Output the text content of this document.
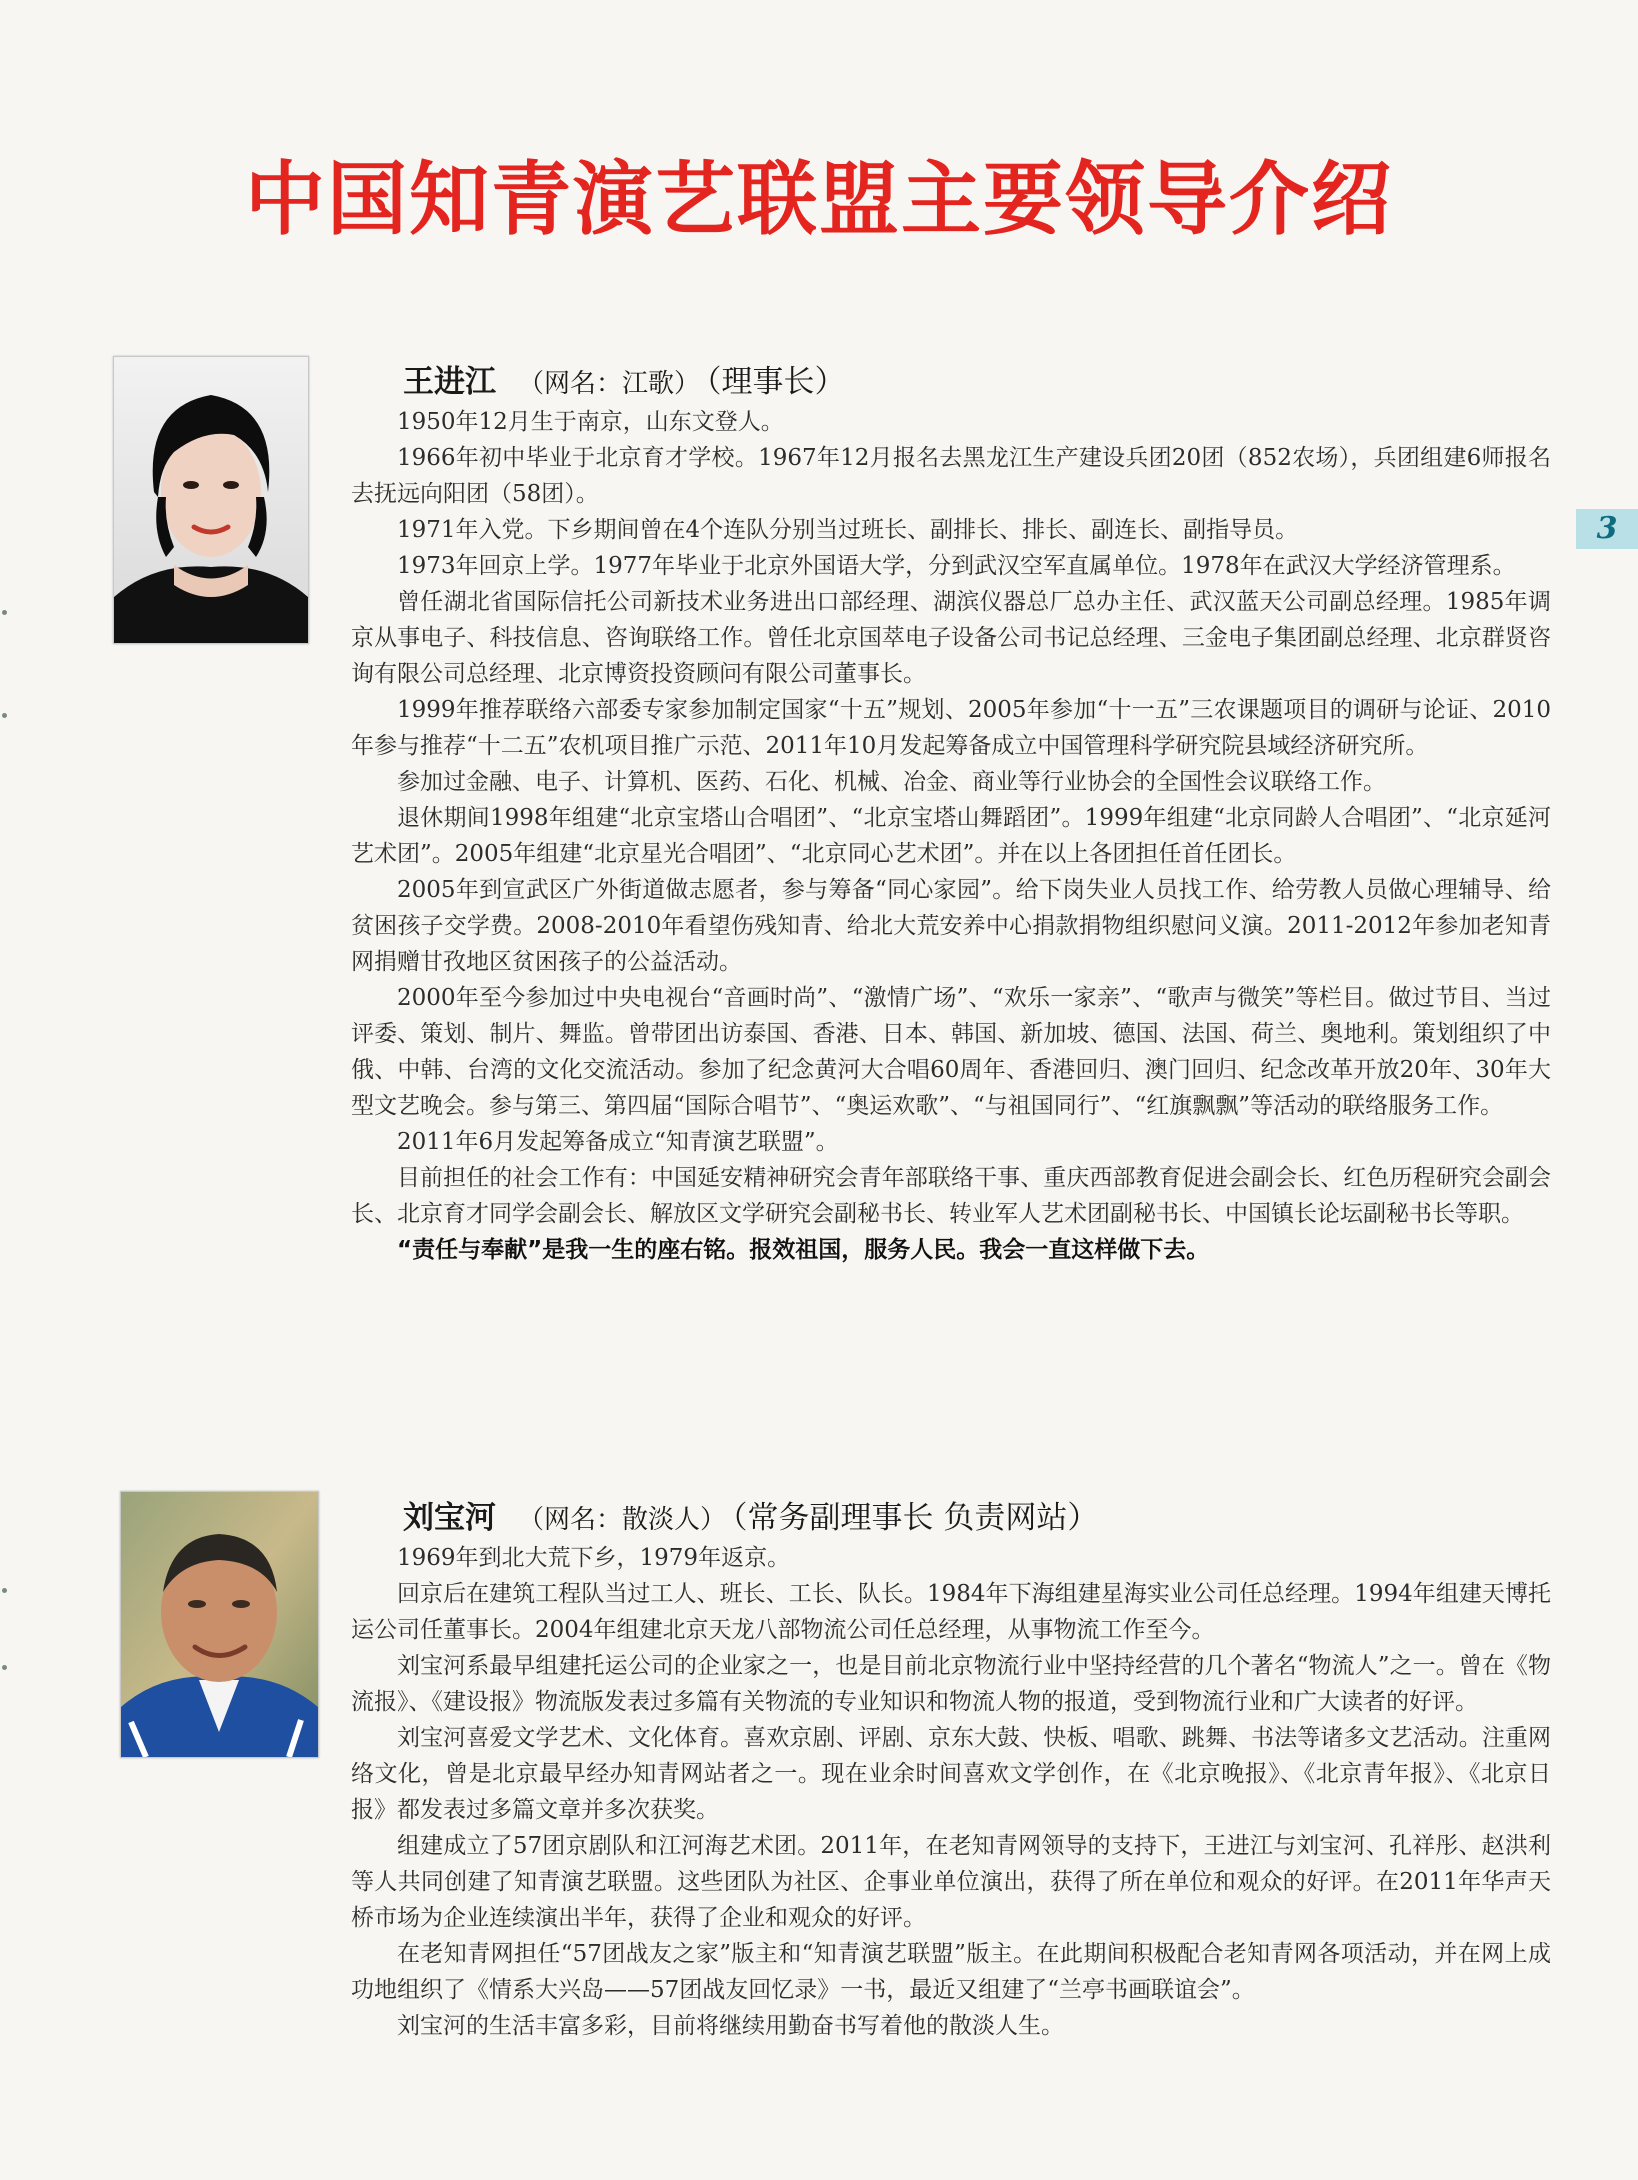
中国知青演艺联盟主要领导介绍
3
王进江 （网名：江歌） （理事长）

1950年12月生于南京，山东文登人。

1966年初中毕业于北京育才学校。1967年12月报名去黑龙江生产建设兵团20团（852农场），兵团组建6师报名去抚远向阳团（58团）。

1971年入党。下乡期间曾在4个连队分别当过班长、副排长、排长、副连长、副指导员。

1973年回京上学。1977年毕业于北京外国语大学，分到武汉空军直属单位。1978年在武汉大学经济管理系。

曾任湖北省国际信托公司新技术业务进出口部经理、湖滨仪器总厂总办主任、武汉蓝天公司副总经理。1985年调京从事电子、科技信息、咨询联络工作。曾任北京国萃电子设备公司书记总经理、三金电子集团副总经理、北京群贤咨询有限公司总经理、北京博资投资顾问有限公司董事长。

1999年推荐联络六部委专家参加制定国家“十五”规划、2005年参加“十一五”三农课题项目的调研与论证、2010年参与推荐“十二五”农机项目推广示范、2011年10月发起筹备成立中国管理科学研究院县域经济研究所。

参加过金融、电子、计算机、医药、石化、机械、冶金、商业等行业协会的全国性会议联络工作。

退休期间1998年组建“北京宝塔山合唱团”、“北京宝塔山舞蹈团”。1999年组建“北京同龄人合唱团”、“北京延河艺术团”。2005年组建“北京星光合唱团”、“北京同心艺术团”。并在以上各团担任首任团长。

2005年到宣武区广外街道做志愿者，参与筹备“同心家园”。给下岗失业人员找工作、给劳教人员做心理辅导、给贫困孩子交学费。2008-2010年看望伤残知青、给北大荒安养中心捐款捐物组织慰问义演。2011-2012年参加老知青网捐赠甘孜地区贫困孩子的公益活动。

2000年至今参加过中央电视台“音画时尚”、“激情广场”、“欢乐一家亲”、“歌声与微笑”等栏目。做过节目、当过评委、策划、制片、舞监。曾带团出访泰国、香港、日本、韩国、新加坡、德国、法国、荷兰、奥地利。策划组织了中俄、中韩、台湾的文化交流活动。参加了纪念黄河大合唱60周年、香港回归、澳门回归、纪念改革开放20年、30年大型文艺晚会。参与第三、第四届“国际合唱节”、“奥运欢歌”、“与祖国同行”、“红旗飘飘”等活动的联络服务工作。

2011年6月发起筹备成立“知青演艺联盟”。

目前担任的社会工作有：中国延安精神研究会青年部联络干事、重庆西部教育促进会副会长、红色历程研究会副会长、北京育才同学会副会长、解放区文学研究会副秘书长、转业军人艺术团副秘书长、中国镇长论坛副秘书长等职。

“责任与奉献”是我一生的座右铭。报效祖国，服务人民。我会一直这样做下去。

刘宝河 （网名：散淡人） （常务副理事长 负责网站）

1969年到北大荒下乡，1979年返京。

回京后在建筑工程队当过工人、班长、工长、队长。1984年下海组建星海实业公司任总经理。1994年组建天博托运公司任董事长。2004年组建北京天龙八部物流公司任总经理，从事物流工作至今。

刘宝河系最早组建托运公司的企业家之一，也是目前北京物流行业中坚持经营的几个著名“物流人”之一。曾在《物流报》、《建设报》物流版发表过多篇有关物流的专业知识和物流人物的报道，受到物流行业和广大读者的好评。

刘宝河喜爱文学艺术、文化体育。喜欢京剧、评剧、京东大鼓、快板、唱歌、跳舞、书法等诸多文艺活动。注重网络文化，曾是北京最早经办知青网站者之一。现在业余时间喜欢文学创作，在《北京晚报》、《北京青年报》、《北京日报》都发表过多篇文章并多次获奖。

组建成立了57团京剧队和江河海艺术团。2011年，在老知青网领导的支持下，王进江与刘宝河、孔祥彤、赵洪利等人共同创建了知青演艺联盟。这些团队为社区、企事业单位演出，获得了所在单位和观众的好评。在2011年华声天桥市场为企业连续演出半年，获得了企业和观众的好评。

在老知青网担任“57团战友之家”版主和“知青演艺联盟”版主。在此期间积极配合老知青网各项活动，并在网上成功地组织了《情系大兴岛——57团战友回忆录》一书，最近又组建了“兰亭书画联谊会”。

刘宝河的生活丰富多彩，目前将继续用勤奋书写着他的散淡人生。
